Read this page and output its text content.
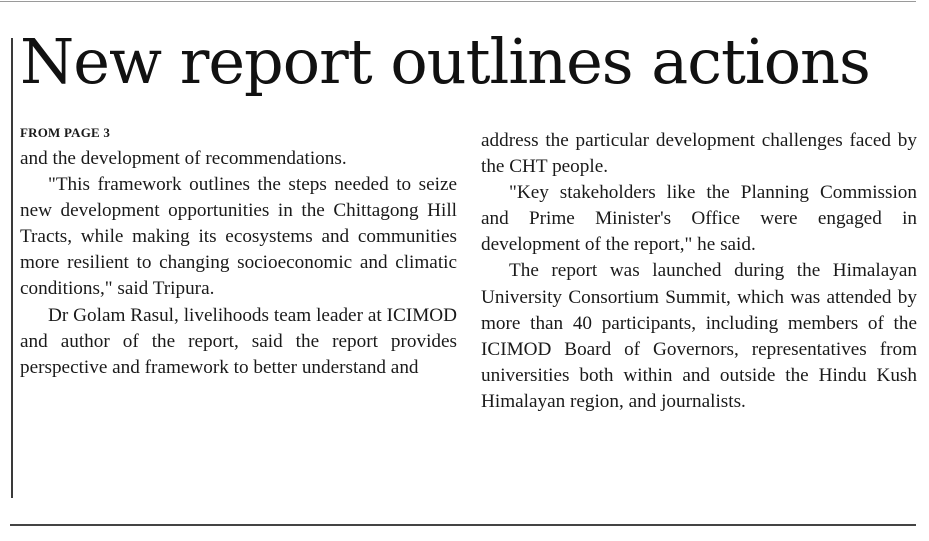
New report outlines actions

FROM PAGE 3

and the development of recommendations.

"This framework outlines the steps needed to seize new development opportunities in the Chittagong Hill Tracts, while making its ecosystems and communities more resilient to changing socioeconomic and climatic conditions," said Tripura.

Dr Golam Rasul, livelihoods team leader at ICIMOD and author of the report, said the report provides perspective and framework to better understand and

address the particular development challenges faced by the CHT people.

"Key stakeholders like the Planning Commission and Prime Minister's Office were engaged in development of the report," he said.

The report was launched during the Himalayan University Consortium Summit, which was attended by more than 40 participants, including members of the ICIMOD Board of Governors, representatives from universities both within and outside the Hindu Kush Himalayan region, and journalists.
